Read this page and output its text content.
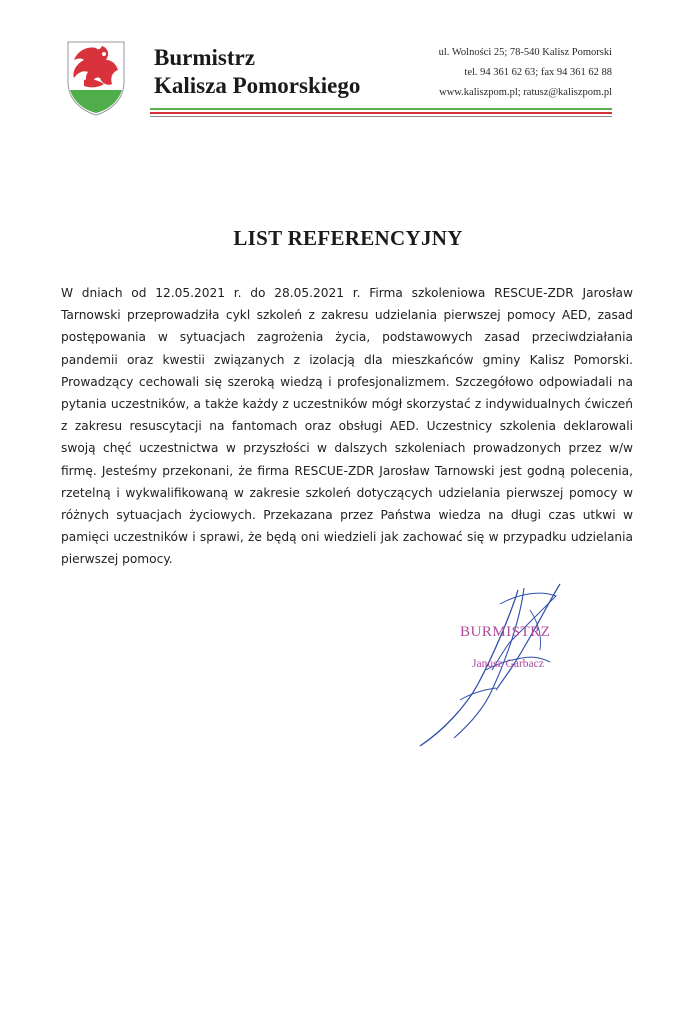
Burmistrz
Kalisza Pomorskiego
ul. Wolności 25; 78-540 Kalisz Pomorski
tel. 94 361 62 63; fax 94 361 62 88
www.kaliszpom.pl; ratusz@kaliszpom.pl
LIST REFERENCYJNY

W dniach od 12.05.2021 r. do 28.05.2021 r. Firma szkoleniowa RESCUE-ZDR Jarosław Tarnowski przeprowadziła cykl szkoleń z zakresu udzielania pierwszej pomocy AED, zasad postępowania w sytuacjach zagrożenia życia, podstawowych zasad przeciwdziałania pandemii oraz kwestii związanych z izolacją dla mieszkańców gminy Kalisz Pomorski. Prowadzący cechowali się szeroką wiedzą i profesjonalizmem. Szczegółowo odpowiadali na pytania uczestników, a także każdy z uczestników mógł skorzystać z indywidualnych ćwiczeń z zakresu resuscytacji na fantomach oraz obsługi AED. Uczestnicy szkolenia deklarowali swoją chęć uczestnictwa w przyszłości w dalszych szkoleniach prowadzonych przez w/w firmę. Jesteśmy przekonani, że firma RESCUE-ZDR Jarosław Tarnowski jest godną polecenia, rzetelną i wykwalifikowaną w zakresie szkoleń dotyczących udzielania pierwszej pomocy w różnych sytuacjach życiowych. Przekazana przez Państwa wiedza na długi czas utkwi w pamięci uczestników i sprawi, że będą oni wiedzieli jak zachować się w przypadku udzielania pierwszej pomocy.

BURMISTRZ
Janusz Garbacz
